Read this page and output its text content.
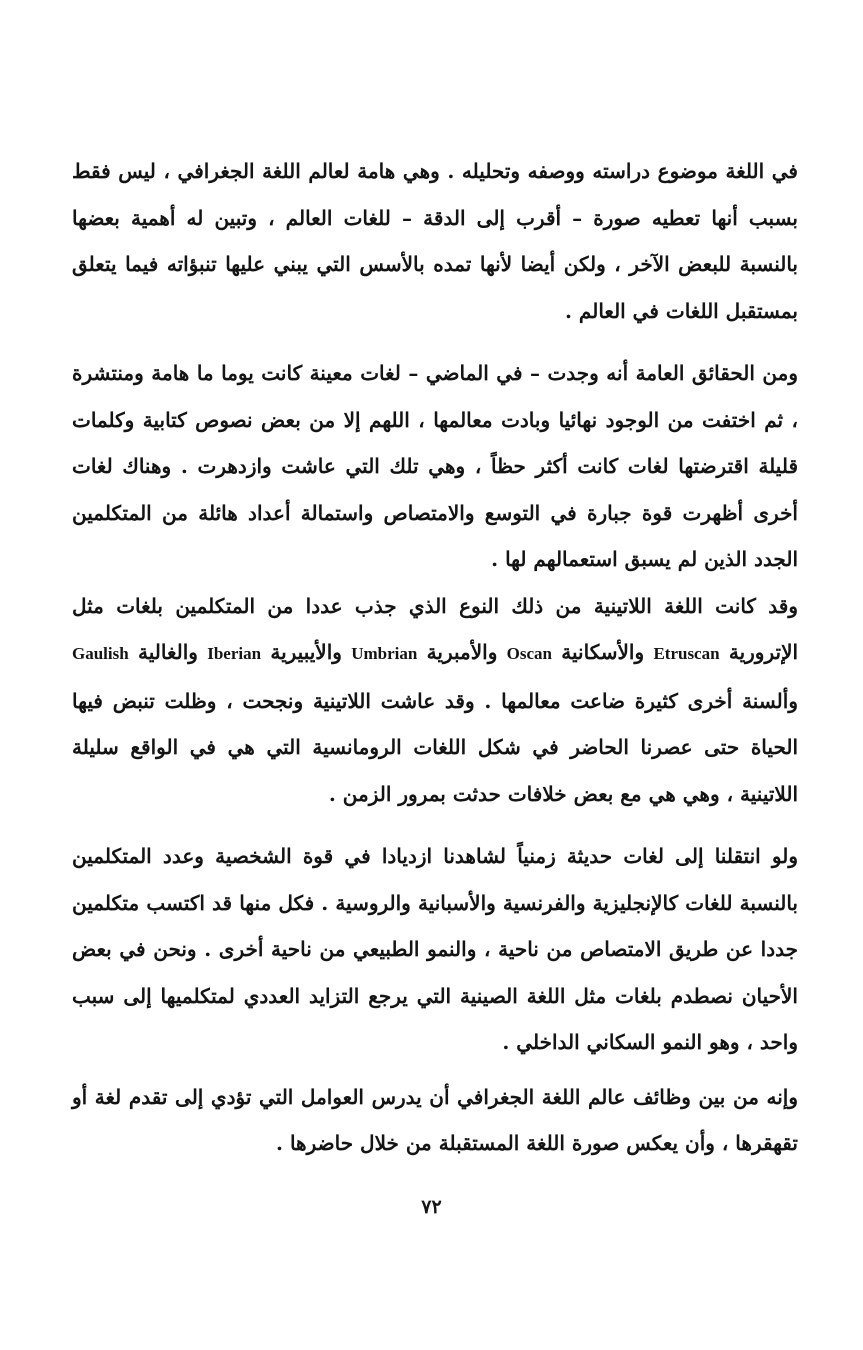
في اللغة موضوع دراسته ووصفه وتحليله . وهي هامة لعالم اللغة الجغرافي ، ليس فقط بسبب أنها تعطيه صورة – أقرب إلى الدقة – للغات العالم ، وتبين له أهمية بعضها بالنسبة للبعض الآخر ، ولكن أيضا لأنها تمده بالأسس التي يبني عليها تنبؤاته فيما يتعلق بمستقبل اللغات في العالم .

ومن الحقائق العامة أنه وجدت – في الماضي – لغات معينة كانت يوما ما هامة ومنتشرة ، ثم اختفت من الوجود نهائيا وبادت معالمها ، اللهم إلا من بعض نصوص كتابية وكلمات قليلة اقترضتها لغات كانت أكثر حظاً ، وهي تلك التي عاشت وازدهرت . وهناك لغات أخرى أظهرت قوة جبارة في التوسع والامتصاص واستمالة أعداد هائلة من المتكلمين الجدد الذين لم يسبق استعمالهم لها .

وقد كانت اللغة اللاتينية من ذلك النوع الذي جذب عددا من المتكلمين بلغات مثل الإترورية Etruscan والأسكانية Oscan والأمبرية Umbrian والأيبيرية Iberian والغالية Gaulish وألسنة أخرى كثيرة ضاعت معالمها . وقد عاشت اللاتينية ونجحت ، وظلت تنبض فيها الحياة حتى عصرنا الحاضر في شكل اللغات الرومانسية التي هي في الواقع سليلة اللاتينية ، وهي هي مع بعض خلافات حدثت بمرور الزمن .

ولو انتقلنا إلى لغات حديثة زمنياً لشاهدنا ازديادا في قوة الشخصية وعدد المتكلمين بالنسبة للغات كالإنجليزية والفرنسية والأسبانية والروسية . فكل منها قد اكتسب متكلمين جددا عن طريق الامتصاص من ناحية ، والنمو الطبيعي من ناحية أخرى . ونحن في بعض الأحيان نصطدم بلغات مثل اللغة الصينية التي يرجع التزايد العددي لمتكلميها إلى سبب واحد ، وهو النمو السكاني الداخلي .

وإنه من بين وظائف عالم اللغة الجغرافي أن يدرس العوامل التي تؤدي إلى تقدم لغة أو تقهقرها ، وأن يعكس صورة اللغة المستقبلة من خلال حاضرها .

٧٢
